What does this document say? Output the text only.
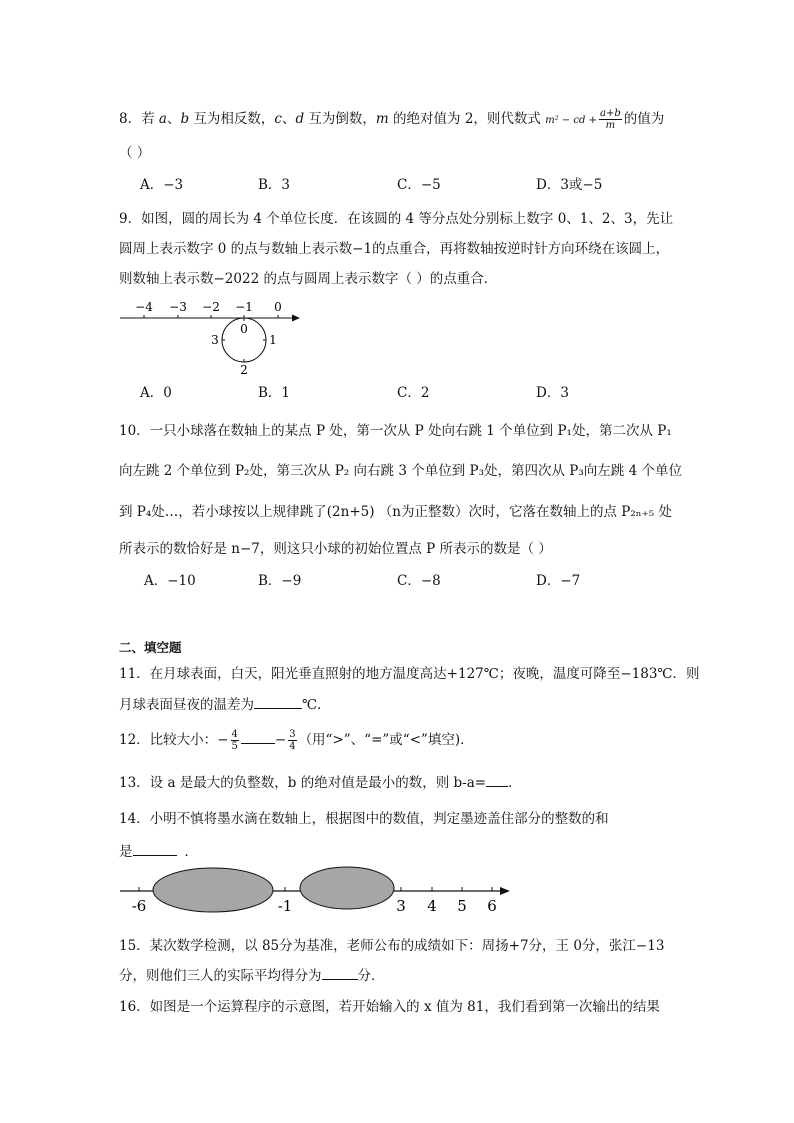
8．若 a、b 互为相反数，c、d 互为倒数，m 的绝对值为 2，则代数式 m² − cd + $\frac{a+b}{m}$ 的值为
（ ）
A．−3	B．3	C．−5	D．3或−5
9．如图，圆的周长为 4 个单位长度．在该圆的 4 等分点处分别标上数字 0、1、2、3，先让
圆周上表示数字 0 的点与数轴上表示数−1的点重合，再将数轴按逆时针方向环绕在该圆上，
则数轴上表示数−2022 的点与圆周上表示数字（ ）的点重合．
−4 −3 −2 −1 0
0
1
2
3
A．0	B．1	C．2	D．3
10．一只小球落在数轴上的某点 P 处，第一次从 P 处向右跳 1 个单位到 P₁处，第二次从 P₁
向左跳 2 个单位到 P₂处，第三次从 P₂ 向右跳 3 个单位到 P₃处，第四次从 P₃向左跳 4 个单位
到 P₄处…，若小球按以上规律跳了(2n+5) （n为正整数）次时，它落在数轴上的点 P₂ₙ₊₅ 处
所表示的数恰好是 n−7，则这只小球的初始位置点 P 所表示的数是（ ）
A．−10	B．−9	C．−8	D．−7
二、填空题
11．在月球表面，白天，阳光垂直照射的地方温度高达+127℃；夜晚，温度可降至−183℃．则
月球表面昼夜的温差为	℃．
12．比较大小：− $\frac{4}{5}$	− $\frac{3}{4}$ （用“>”、“=”或“<”填空)．
13．设 a 是最大的负整数，b 的绝对值是最小的数，则 b-a= ．
14．小明不慎将墨水滴在数轴上，根据图中的数值，判定墨迹盖住部分的整数的和
是	．
-6	-1	3 4 5 6
15．某次数学检测，以 85分为基准，老师公布的成绩如下：周扬+7分，王 0分，张江−13
分，则他们三人的实际平均得分为	分．
16．如图是一个运算程序的示意图，若开始输入的 x 值为 81，我们看到第一次输出的结果
